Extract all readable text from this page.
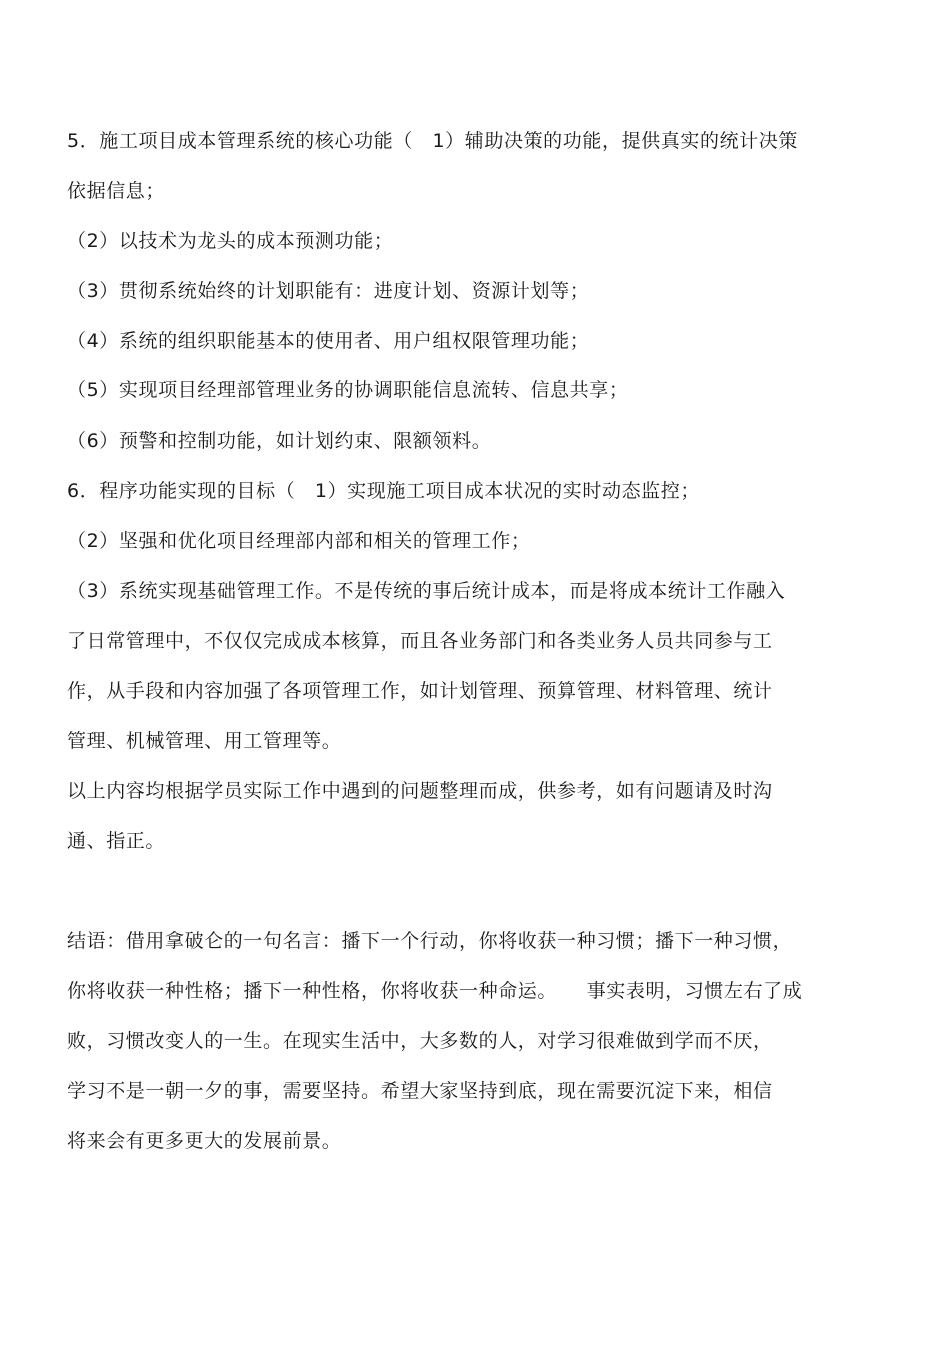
5．施工项目成本管理系统的核心功能（　1）辅助决策的功能，提供真实的统计决策
依据信息；
（2）以技术为龙头的成本预测功能；
（3）贯彻系统始终的计划职能有：进度计划、资源计划等；
（4）系统的组织职能基本的使用者、用户组权限管理功能；
（5）实现项目经理部管理业务的协调职能信息流转、信息共享；
（6）预警和控制功能，如计划约束、限额领料。
6．程序功能实现的目标（　1）实现施工项目成本状况的实时动态监控；
（2）坚强和优化项目经理部内部和相关的管理工作；
（3）系统实现基础管理工作。不是传统的事后统计成本，而是将成本统计工作融入
了日常管理中，不仅仅完成成本核算，而且各业务部门和各类业务人员共同参与工
作，从手段和内容加强了各项管理工作，如计划管理、预算管理、材料管理、统计
管理、机械管理、用工管理等。
以上内容均根据学员实际工作中遇到的问题整理而成，供参考，如有问题请及时沟
通、指正。
结语：借用拿破仑的一句名言：播下一个行动，你将收获一种习惯；播下一种习惯，
你将收获一种性格；播下一种性格，你将收获一种命运。　　事实表明，习惯左右了成
败，习惯改变人的一生。在现实生活中，大多数的人，对学习很难做到学而不厌，
学习不是一朝一夕的事，需要坚持。希望大家坚持到底，现在需要沉淀下来，相信
将来会有更多更大的发展前景。
